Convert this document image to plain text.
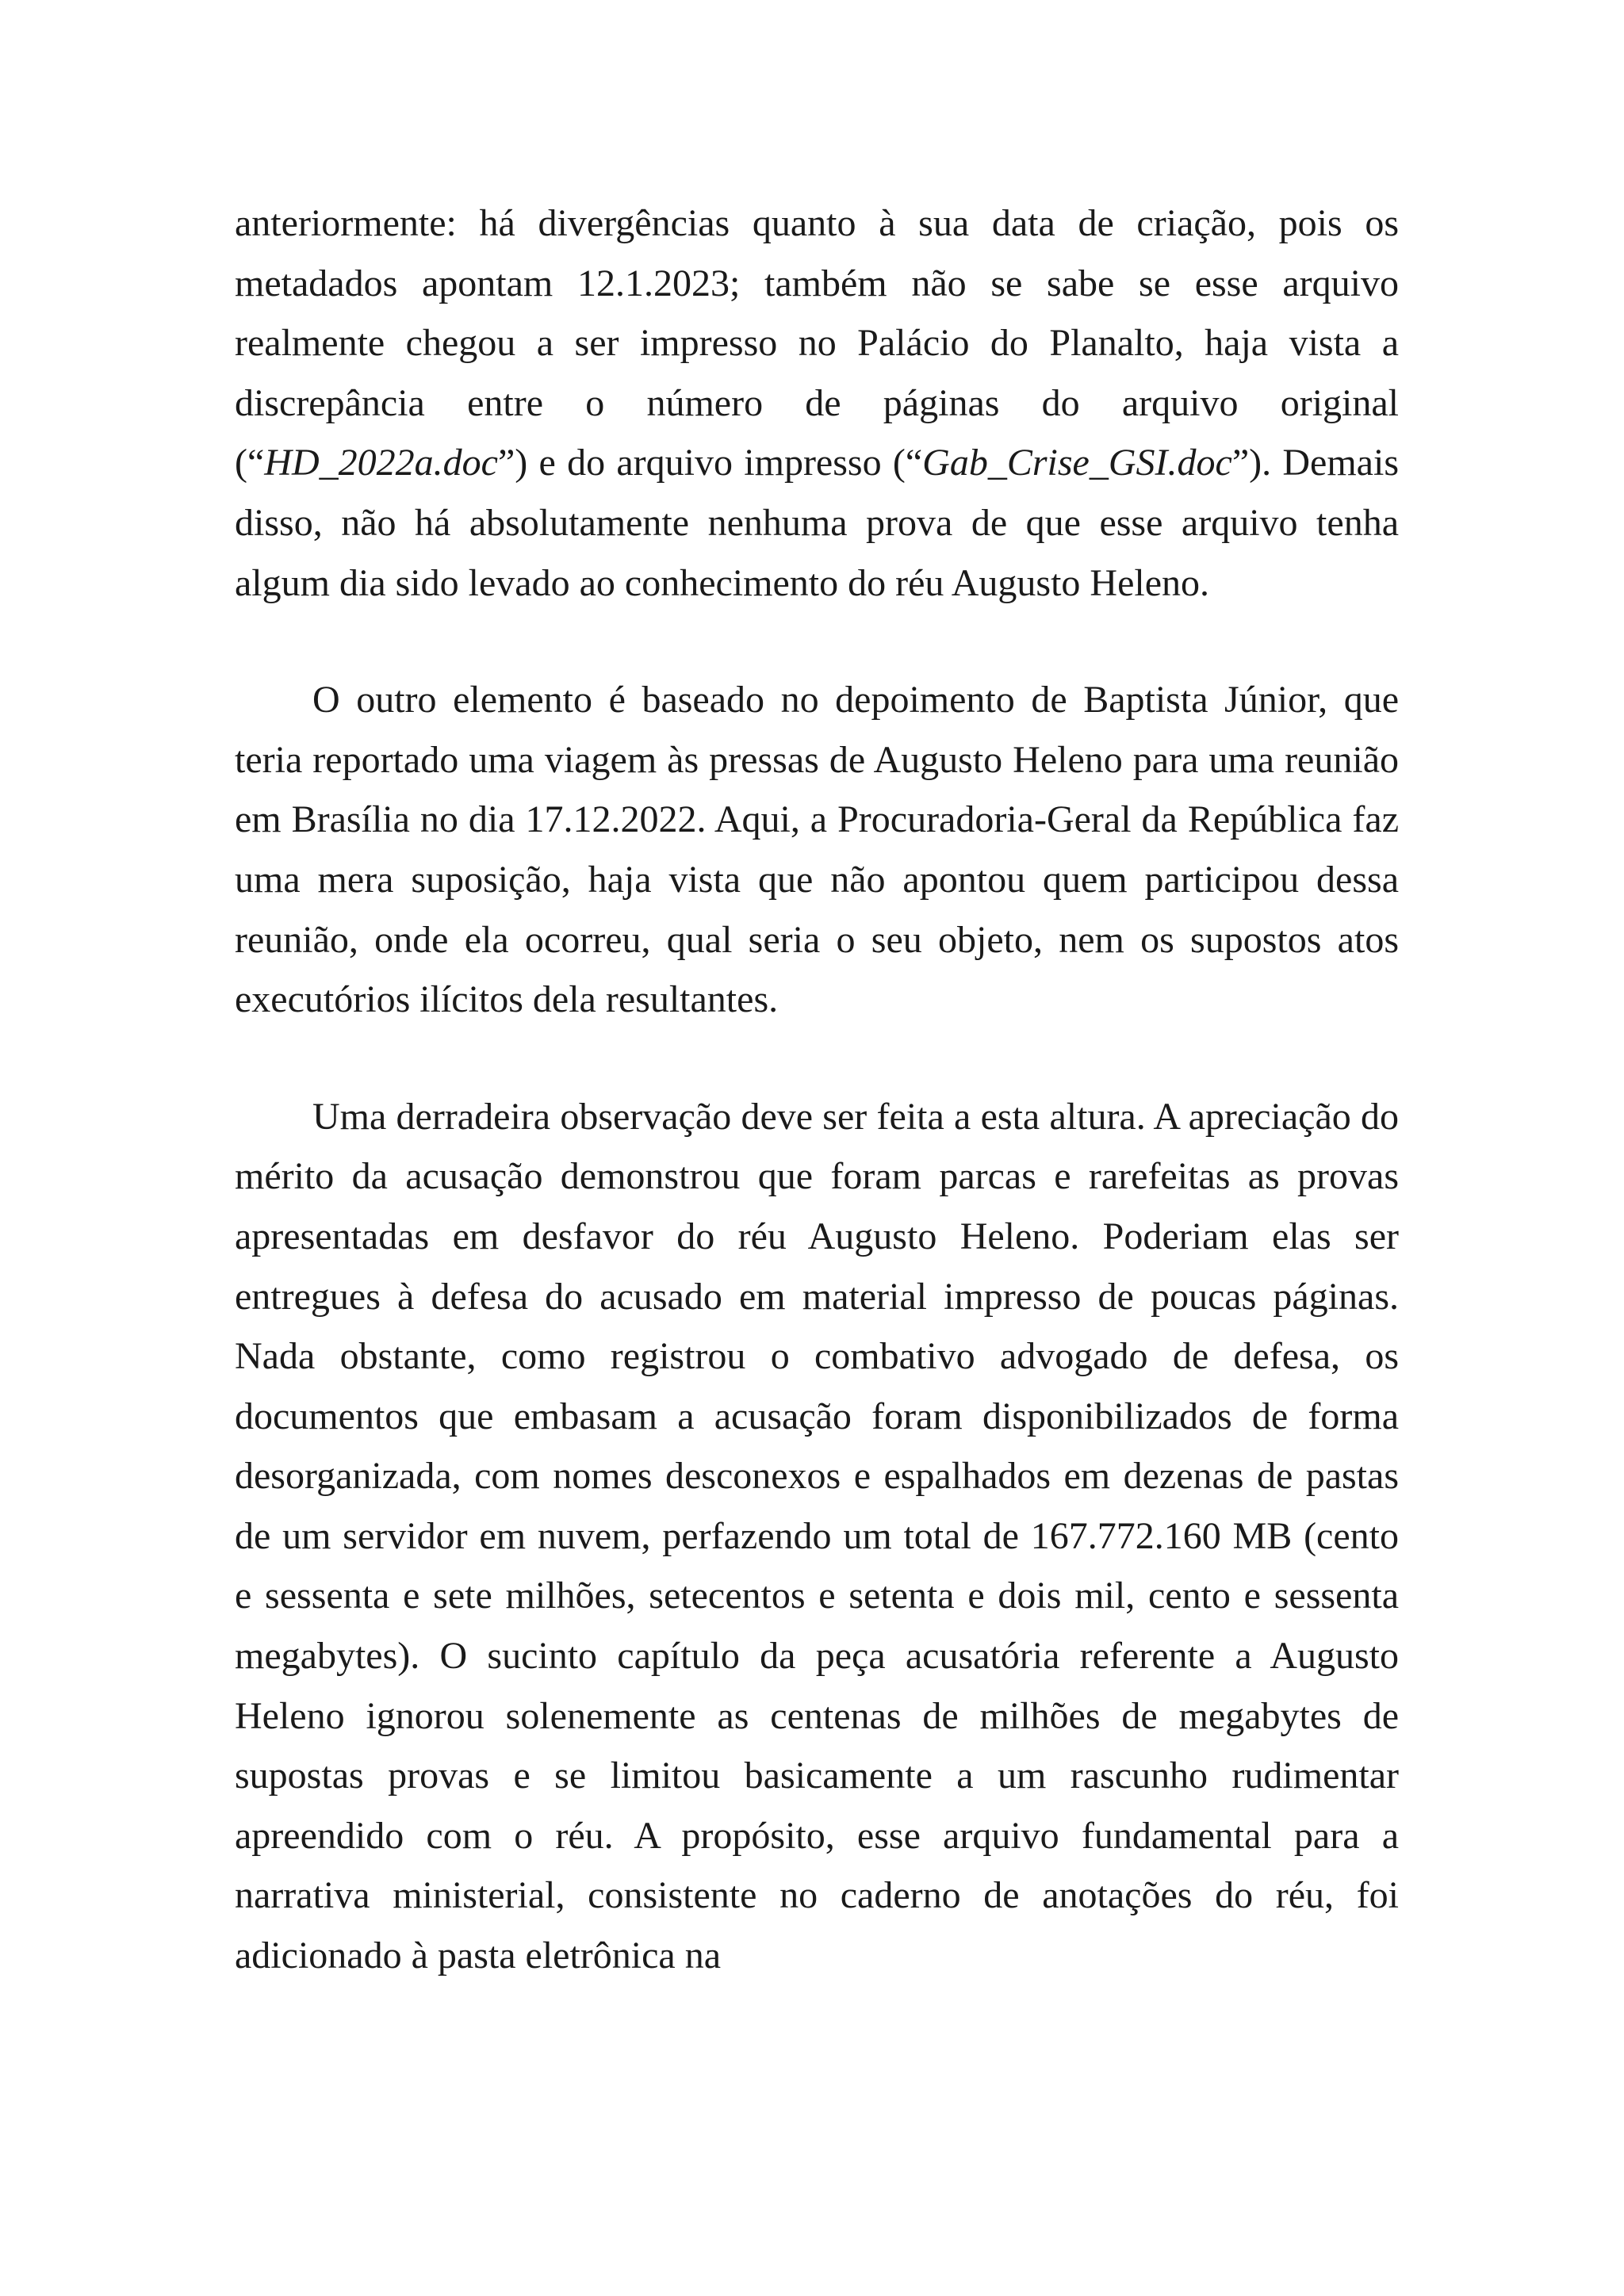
anteriormente: há divergências quanto à sua data de criação, pois os metadados apontam 12.1.2023; também não se sabe se esse arquivo realmente chegou a ser impresso no Palácio do Planalto, haja vista a discrepância entre o número de páginas do arquivo original (“HD_2022a.doc”) e do arquivo impresso (“Gab_Crise_GSI.doc”). Demais disso, não há absolutamente nenhuma prova de que esse arquivo tenha algum dia sido levado ao conhecimento do réu Augusto Heleno.

O outro elemento é baseado no depoimento de Baptista Júnior, que teria reportado uma viagem às pressas de Augusto Heleno para uma reunião em Brasília no dia 17.12.2022. Aqui, a Procuradoria-Geral da República faz uma mera suposição, haja vista que não apontou quem participou dessa reunião, onde ela ocorreu, qual seria o seu objeto, nem os supostos atos executórios ilícitos dela resultantes.

Uma derradeira observação deve ser feita a esta altura. A apreciação do mérito da acusação demonstrou que foram parcas e rarefeitas as provas apresentadas em desfavor do réu Augusto Heleno. Poderiam elas ser entregues à defesa do acusado em material impresso de poucas páginas. Nada obstante, como registrou o combativo advogado de defesa, os documentos que embasam a acusação foram disponibilizados de forma desorganizada, com nomes desconexos e espalhados em dezenas de pastas de um servidor em nuvem, perfazendo um total de 167.772.160 MB (cento e sessenta e sete milhões, setecentos e setenta e dois mil, cento e sessenta megabytes). O sucinto capítulo da peça acusatória referente a Augusto Heleno ignorou solenemente as centenas de milhões de megabytes de supostas provas e se limitou basicamente a um rascunho rudimentar apreendido com o réu. A propósito, esse arquivo fundamental para a narrativa ministerial, consistente no caderno de anotações do réu, foi adicionado à pasta eletrônica na
